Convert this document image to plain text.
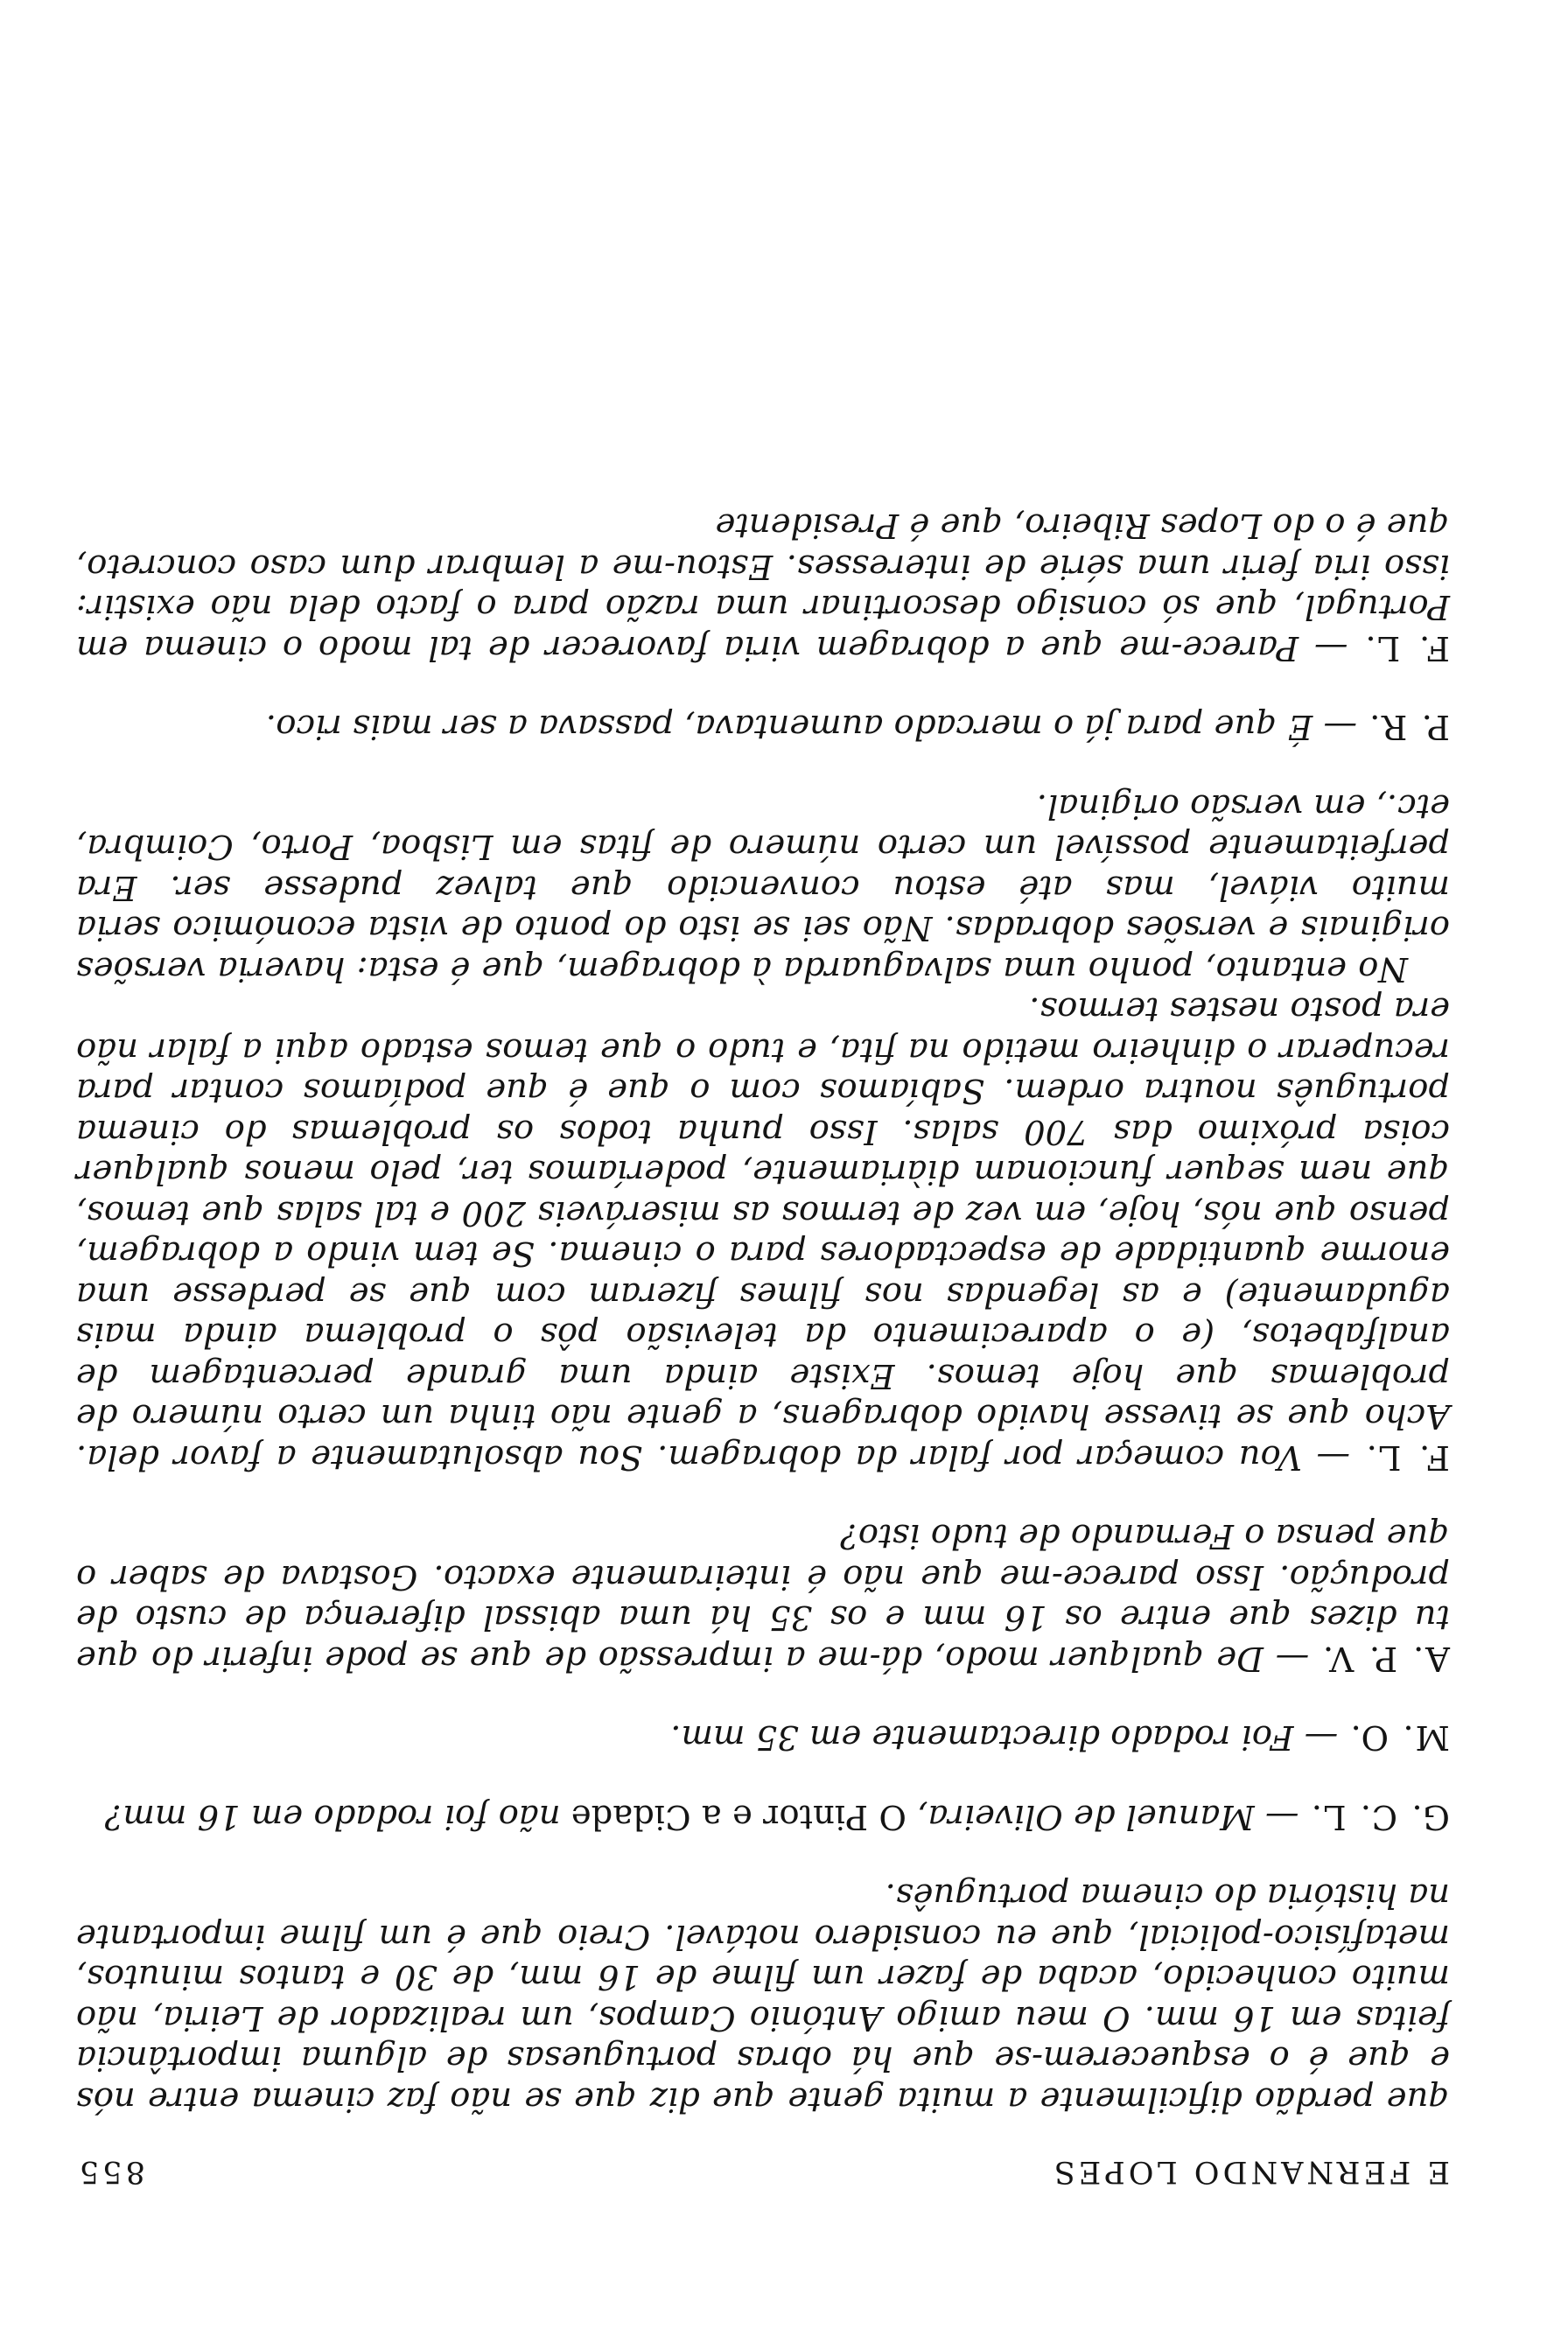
E FERNANDO LOPES
855

que perdão dificilmente a muita gente que diz que se não faz cinema entre nós e que é o esquecerem-se que há obras portuguesas de alguma importância feitas em 16 mm. O meu amigo António Campos, um realizador de Leiria, não muito conhecido, acaba de fazer um filme de 16 mm, de 30 e tantos minutos, metafísico-policial, que eu considero notável. Creio que é um filme importante na história do cinema português.

G. C. L. — Manuel de Oliveira, O Pintor e a Cidade não foi rodado em 16 mm?

M. O. — Foi rodado directamente em 35 mm.

A. P. V. — De qualquer modo, dá-me a impressão de que se pode inferir do que tu dizes que entre os 16 mm e os 35 há uma abissal diferença de custo de produção. Isso parece-me que não é inteiramente exacto. Gostava de saber o que pensa o Fernando de tudo isto?

F. L. — Vou começar por falar da dobragem. Sou absolutamente a favor dela. Acho que se tivesse havido dobragens, a gente não tinha um certo número de problemas que hoje temos. Existe ainda uma grande percentagem de analfabetos, (e o aparecimento da televisão pôs o problema ainda mais agudamente) e as legendas nos filmes fizeram com que se perdesse uma enorme quantidade de espectadores para o cinema. Se tem vindo a dobragem, penso que nós, hoje, em vez de termos as miseráveis 200 e tal salas que temos, que nem sequer funcionam diàriamente, poderíamos ter, pelo menos qualquer coisa próximo das 700 salas. Isso punha todos os problemas do cinema português noutra ordem. Sabíamos com o que é que podíamos contar para recuperar o dinheiro metido na fita, e tudo o que temos estado aqui a falar não era posto nestes termos.

No entanto, ponho uma salvaguarda à dobragem, que é esta: haveria versões originais e versões dobradas. Não sei se isto do ponto de vista económico seria muito viável, mas até estou convencido que talvez pudesse ser. Era perfeitamente possível um certo número de fitas em Lisboa, Porto, Coimbra, etc., em versão original.

P. R. — É que para já o mercado aumentava, passava a ser mais rico.

F. L. — Parece-me que a dobragem viria favorecer de tal modo o cinema em Portugal, que só consigo descortinar uma razão para o facto dela não existir: isso iria ferir uma série de interesses. Estou-me a lembrar dum caso concreto, que é o do Lopes Ribeiro, que é Presidente
